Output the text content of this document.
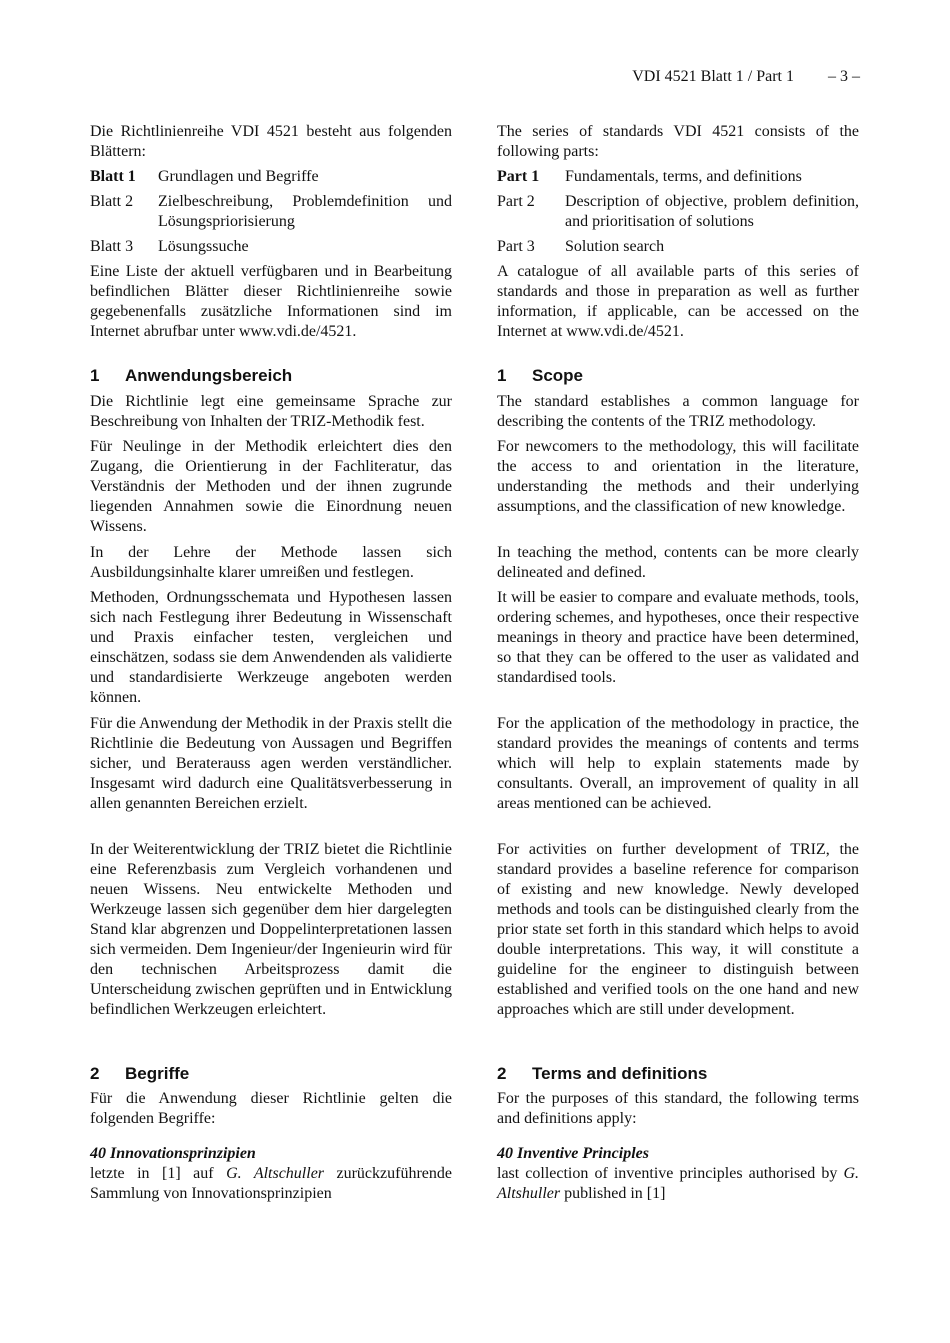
VDI 4521 Blatt 1 / Part 1 – 3 –

Die Richtlinienreihe VDI 4521 besteht aus folgenden Blättern:

Blatt 1	Grundlagen und Begriffe
Blatt 2	Zielbeschreibung, Problemdefinition und Lösungspriorisierung
Blatt 3	Lösungssuche

Eine Liste der aktuell verfügbaren und in Bearbeitung befindlichen Blätter dieser Richtlinienreihe sowie gegebenenfalls zusätzliche Informationen sind im Internet abrufbar unter www.vdi.de/4521.

1 Anwendungsbereich

Die Richtlinie legt eine gemeinsame Sprache zur Beschreibung von Inhalten der TRIZ-Methodik fest.

Für Neulinge in der Methodik erleichtert dies den Zugang, die Orientierung in der Fachliteratur, das Verständnis der Methoden und der ihnen zugrunde liegenden Annahmen sowie die Einordnung neuen Wissens.

In der Lehre der Methode lassen sich Ausbildungsinhalte klarer umreißen und festlegen.

Methoden, Ordnungsschemata und Hypothesen lassen sich nach Festlegung ihrer Bedeutung in Wissenschaft und Praxis einfacher testen, vergleichen und einschätzen, sodass sie dem Anwendenden als validierte und standardisierte Werkzeuge angeboten werden können.

Für die Anwendung der Methodik in der Praxis stellt die Richtlinie die Bedeutung von Aussagen und Begriffen sicher, und Beraterauss agen werden verständlicher. Insgesamt wird dadurch eine Qualitätsverbesserung in allen genannten Bereichen erzielt.

In der Weiterentwicklung der TRIZ bietet die Richtlinie eine Referenzbasis zum Vergleich vorhandenen und neuen Wissens. Neu entwickelte Methoden und Werkzeuge lassen sich gegenüber dem hier dargelegten Stand klar abgrenzen und Doppelinterpretationen lassen sich vermeiden. Dem Ingenieur/der Ingenieurin wird für den technischen Arbeitsprozess damit die Unterscheidung zwischen geprüften und in Entwicklung befindlichen Werkzeugen erleichtert.

2 Begriffe

Für die Anwendung dieser Richtlinie gelten die folgenden Begriffe:

40 Innovationsprinzipien

letzte in [1] auf G. Altschuller zurückzuführende Sammlung von Innovationsprinzipien

The series of standards VDI 4521 consists of the following parts:

Part 1	Fundamentals, terms, and definitions
Part 2	Description of objective, problem definition, and prioritisation of solutions
Part 3	Solution search

A catalogue of all available parts of this series of standards and those in preparation as well as further information, if applicable, can be accessed on the Internet at www.vdi.de/4521.

1 Scope

The standard establishes a common language for describing the contents of the TRIZ methodology.

For newcomers to the methodology, this will facilitate the access to and orientation in the literature, understanding the methods and their underlying assumptions, and the classification of new knowledge.

In teaching the method, contents can be more clearly delineated and defined.

It will be easier to compare and evaluate methods, tools, ordering schemes, and hypotheses, once their respective meanings in theory and practice have been determined, so that they can be offered to the user as validated and standardised tools.

For the application of the methodology in practice, the standard provides the meanings of contents and terms which will help to explain statements made by consultants. Overall, an improvement of quality in all areas mentioned can be achieved.

For activities on further development of TRIZ, the standard provides a baseline reference for comparison of existing and new knowledge. Newly developed methods and tools can be distinguished clearly from the prior state set forth in this standard which helps to avoid double interpretations. This way, it will constitute a guideline for the engineer to distinguish between established and verified tools on the one hand and new approaches which are still under development.

2 Terms and definitions

For the purposes of this standard, the following terms and definitions apply:

40 Inventive Principles

last collection of inventive principles authorised by G. Altshuller published in [1]
